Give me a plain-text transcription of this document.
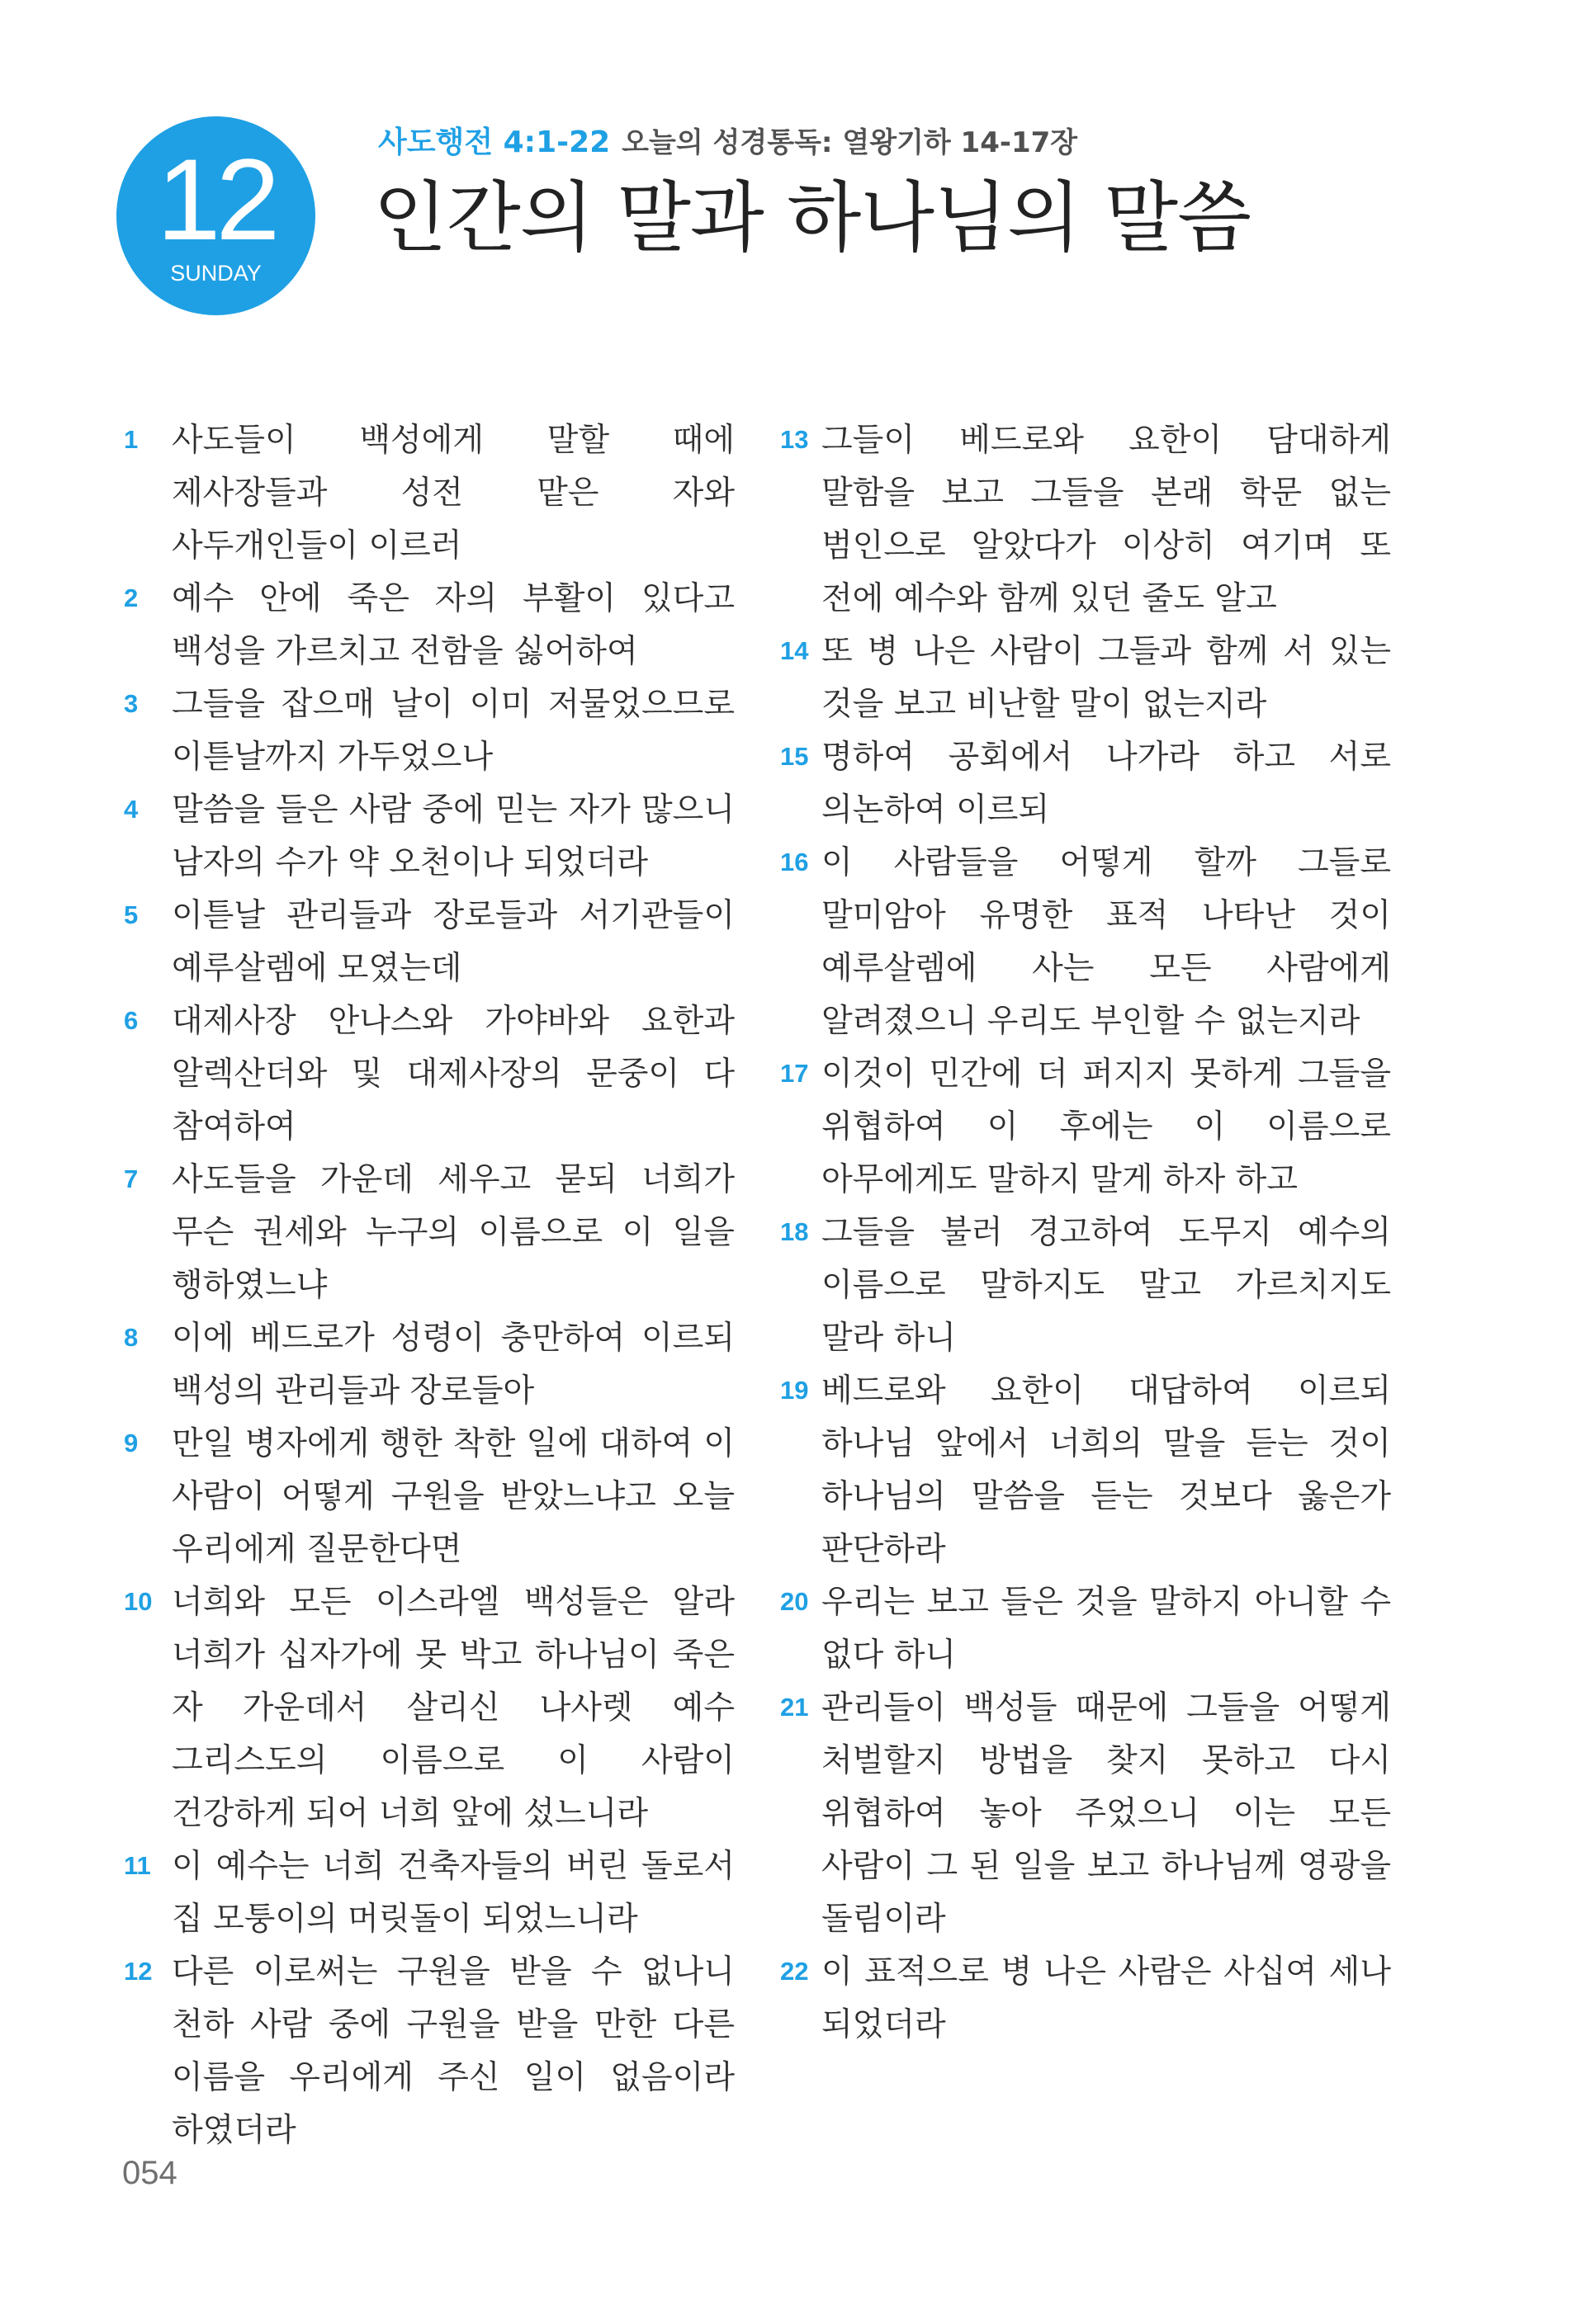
12
SUNDAY
사도행전 4:1-22 오늘의 성경통독: 열왕기하 14-17장
인간의 말과 하나님의 말씀
1 사도들이 백성에게 말할 때에 제사장들과 성전 맡은 자와 사두개인들이 이르러
2 예수 안에 죽은 자의 부활이 있다고 백성을 가르치고 전함을 싫어하여
3 그들을 잡으매 날이 이미 저물었으므로 이튿날까지 가두었으나
4 말씀을 들은 사람 중에 믿는 자가 많으니 남자의 수가 약 오천이나 되었더라
5 이튿날 관리들과 장로들과 서기관들이 예루살렘에 모였는데
6 대제사장 안나스와 가야바와 요한과 알렉산더와 및 대제사장의 문중이 다 참여하여
7 사도들을 가운데 세우고 묻되 너희가 무슨 권세와 누구의 이름으로 이 일을 행하였느냐
8 이에 베드로가 성령이 충만하여 이르되 백성의 관리들과 장로들아
9 만일 병자에게 행한 착한 일에 대하여 이 사람이 어떻게 구원을 받았느냐고 오늘 우리에게 질문한다면
10 너희와 모든 이스라엘 백성들은 알라 너희가 십자가에 못 박고 하나님이 죽은 자 가운데서 살리신 나사렛 예수 그리스도의 이름으로 이 사람이 건강하게 되어 너희 앞에 섰느니라
11 이 예수는 너희 건축자들의 버린 돌로서 집 모퉁이의 머릿돌이 되었느니라
12 다른 이로써는 구원을 받을 수 없나니 천하 사람 중에 구원을 받을 만한 다른 이름을 우리에게 주신 일이 없음이라 하였더라
13 그들이 베드로와 요한이 담대하게 말함을 보고 그들을 본래 학문 없는 범인으로 알았다가 이상히 여기며 또 전에 예수와 함께 있던 줄도 알고
14 또 병 나은 사람이 그들과 함께 서 있는 것을 보고 비난할 말이 없는지라
15 명하여 공회에서 나가라 하고 서로 의논하여 이르되
16 이 사람들을 어떻게 할까 그들로 말미암아 유명한 표적 나타난 것이 예루살렘에 사는 모든 사람에게 알려졌으니 우리도 부인할 수 없는지라
17 이것이 민간에 더 퍼지지 못하게 그들을 위협하여 이 후에는 이 이름으로 아무에게도 말하지 말게 하자 하고
18 그들을 불러 경고하여 도무지 예수의 이름으로 말하지도 말고 가르치지도 말라 하니
19 베드로와 요한이 대답하여 이르되 하나님 앞에서 너희의 말을 듣는 것이 하나님의 말씀을 듣는 것보다 옳은가 판단하라
20 우리는 보고 들은 것을 말하지 아니할 수 없다 하니
21 관리들이 백성들 때문에 그들을 어떻게 처벌할지 방법을 찾지 못하고 다시 위협하여 놓아 주었으니 이는 모든 사람이 그 된 일을 보고 하나님께 영광을 돌림이라
22 이 표적으로 병 나은 사람은 사십여 세나 되었더라
054
